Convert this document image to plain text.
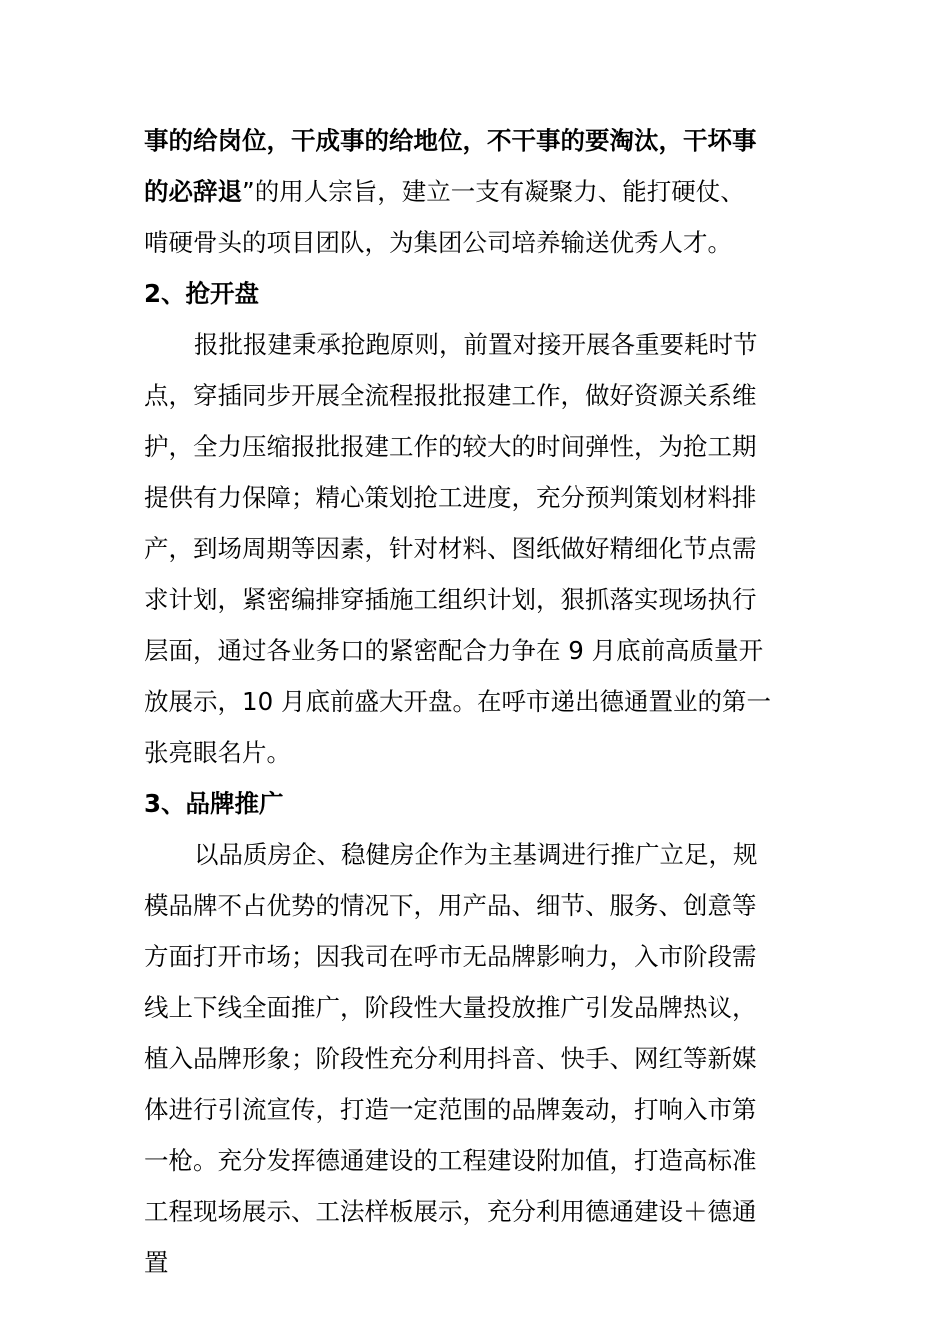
事的给岗位，干成事的给地位，不干事的要淘汰，干坏事
的必辞退”的用人宗旨，建立一支有凝聚力、能打硬仗、
啃硬骨头的项目团队，为集团公司培养输送优秀人才。
2、抢开盘
报批报建秉承抢跑原则，前置对接开展各重要耗时节
点，穿插同步开展全流程报批报建工作，做好资源关系维
护，全力压缩报批报建工作的较大的时间弹性，为抢工期
提供有力保障；精心策划抢工进度，充分预判策划材料排
产，到场周期等因素，针对材料、图纸做好精细化节点需
求计划，紧密编排穿插施工组织计划，狠抓落实现场执行
层面，通过各业务口的紧密配合力争在 9 月底前高质量开
放展示，10 月底前盛大开盘。在呼市递出德通置业的第一
张亮眼名片。
3、品牌推广
以品质房企、稳健房企作为主基调进行推广立足，规
模品牌不占优势的情况下，用产品、细节、服务、创意等
方面打开市场；因我司在呼市无品牌影响力，入市阶段需
线上下线全面推广，阶段性大量投放推广引发品牌热议，
植入品牌形象；阶段性充分利用抖音、快手、网红等新媒
体进行引流宣传，打造一定范围的品牌轰动，打响入市第
一枪。充分发挥德通建设的工程建设附加值，打造高标准
工程现场展示、工法样板展示，充分利用德通建设＋德通
置
